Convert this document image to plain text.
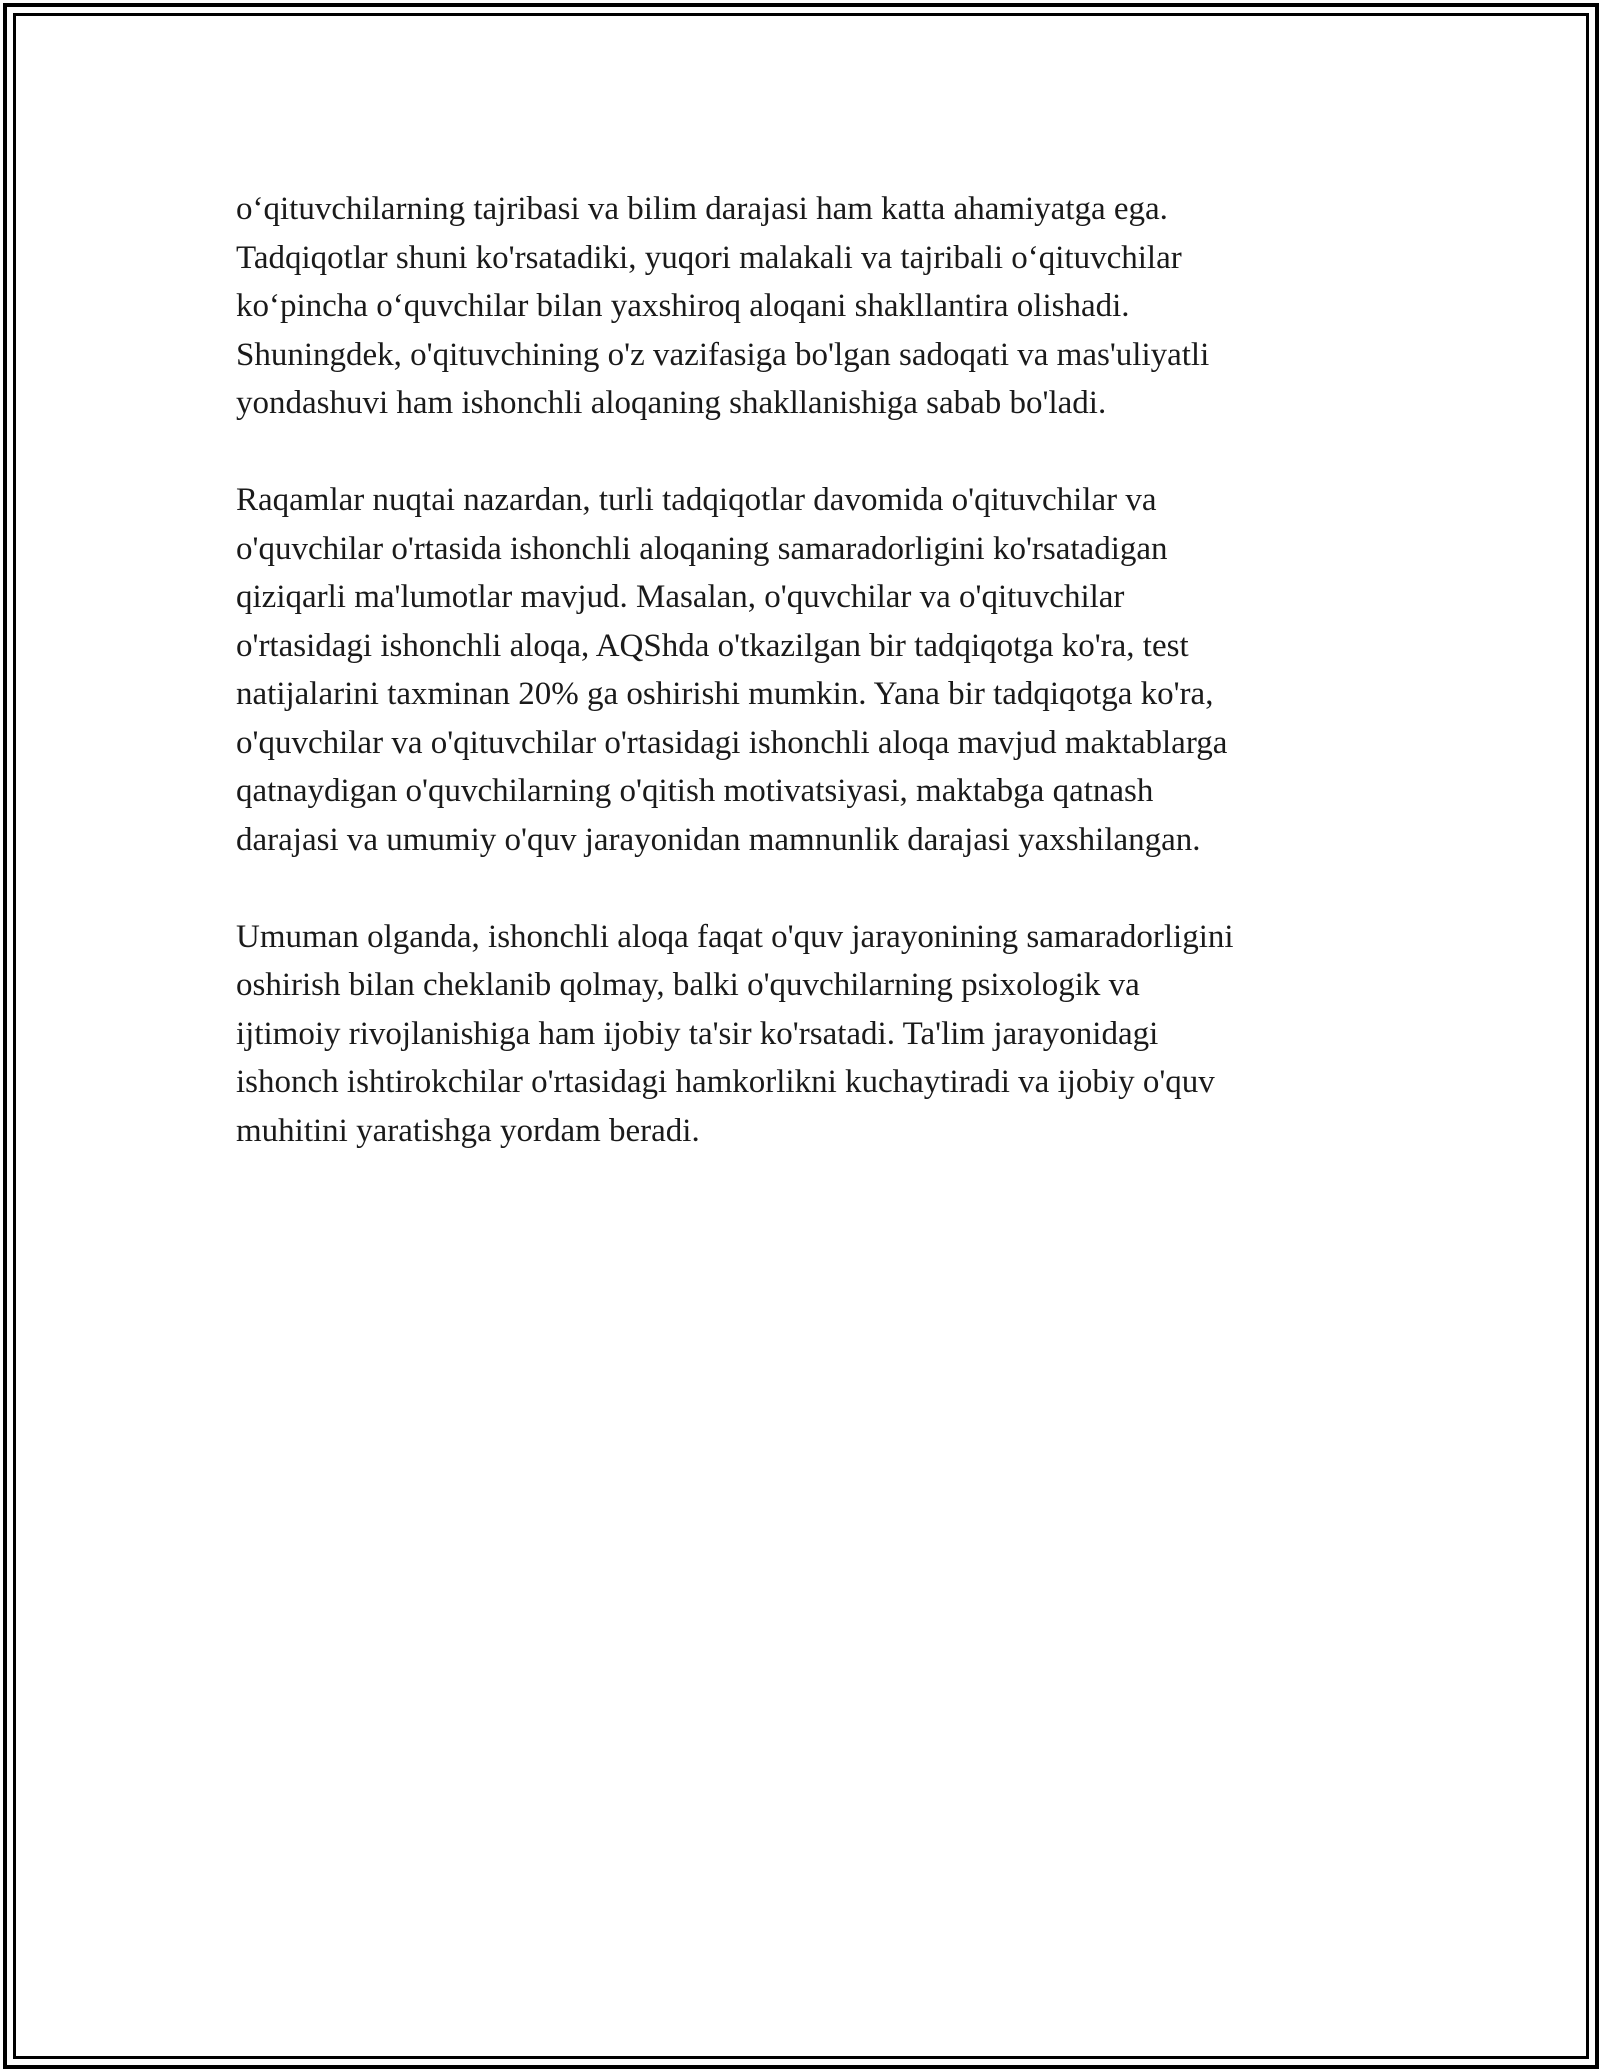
o‘qituvchilarning tajribasi va bilim darajasi ham katta ahamiyatga ega.
Tadqiqotlar shuni ko'rsatadiki, yuqori malakali va tajribali o‘qituvchilar
ko‘pincha o‘quvchilar bilan yaxshiroq aloqani shakllantira olishadi.
Shuningdek, o'qituvchining o'z vazifasiga bo'lgan sadoqati va mas'uliyatli
yondashuvi ham ishonchli aloqaning shakllanishiga sabab bo'ladi.

Raqamlar nuqtai nazardan, turli tadqiqotlar davomida o'qituvchilar va
o'quvchilar o'rtasida ishonchli aloqaning samaradorligini ko'rsatadigan
qiziqarli ma'lumotlar mavjud. Masalan, o'quvchilar va o'qituvchilar
o'rtasidagi ishonchli aloqa, AQShda o'tkazilgan bir tadqiqotga ko'ra, test
natijalarini taxminan 20% ga oshirishi mumkin. Yana bir tadqiqotga ko'ra,
o'quvchilar va o'qituvchilar o'rtasidagi ishonchli aloqa mavjud maktablarga
qatnaydigan o'quvchilarning o'qitish motivatsiyasi, maktabga qatnash
darajasi va umumiy o'quv jarayonidan mamnunlik darajasi yaxshilangan.

Umuman olganda, ishonchli aloqa faqat o'quv jarayonining samaradorligini
oshirish bilan cheklanib qolmay, balki o'quvchilarning psixologik va
ijtimoiy rivojlanishiga ham ijobiy ta'sir ko'rsatadi. Ta'lim jarayonidagi
ishonch ishtirokchilar o'rtasidagi hamkorlikni kuchaytiradi va ijobiy o'quv
muhitini yaratishga yordam beradi.
